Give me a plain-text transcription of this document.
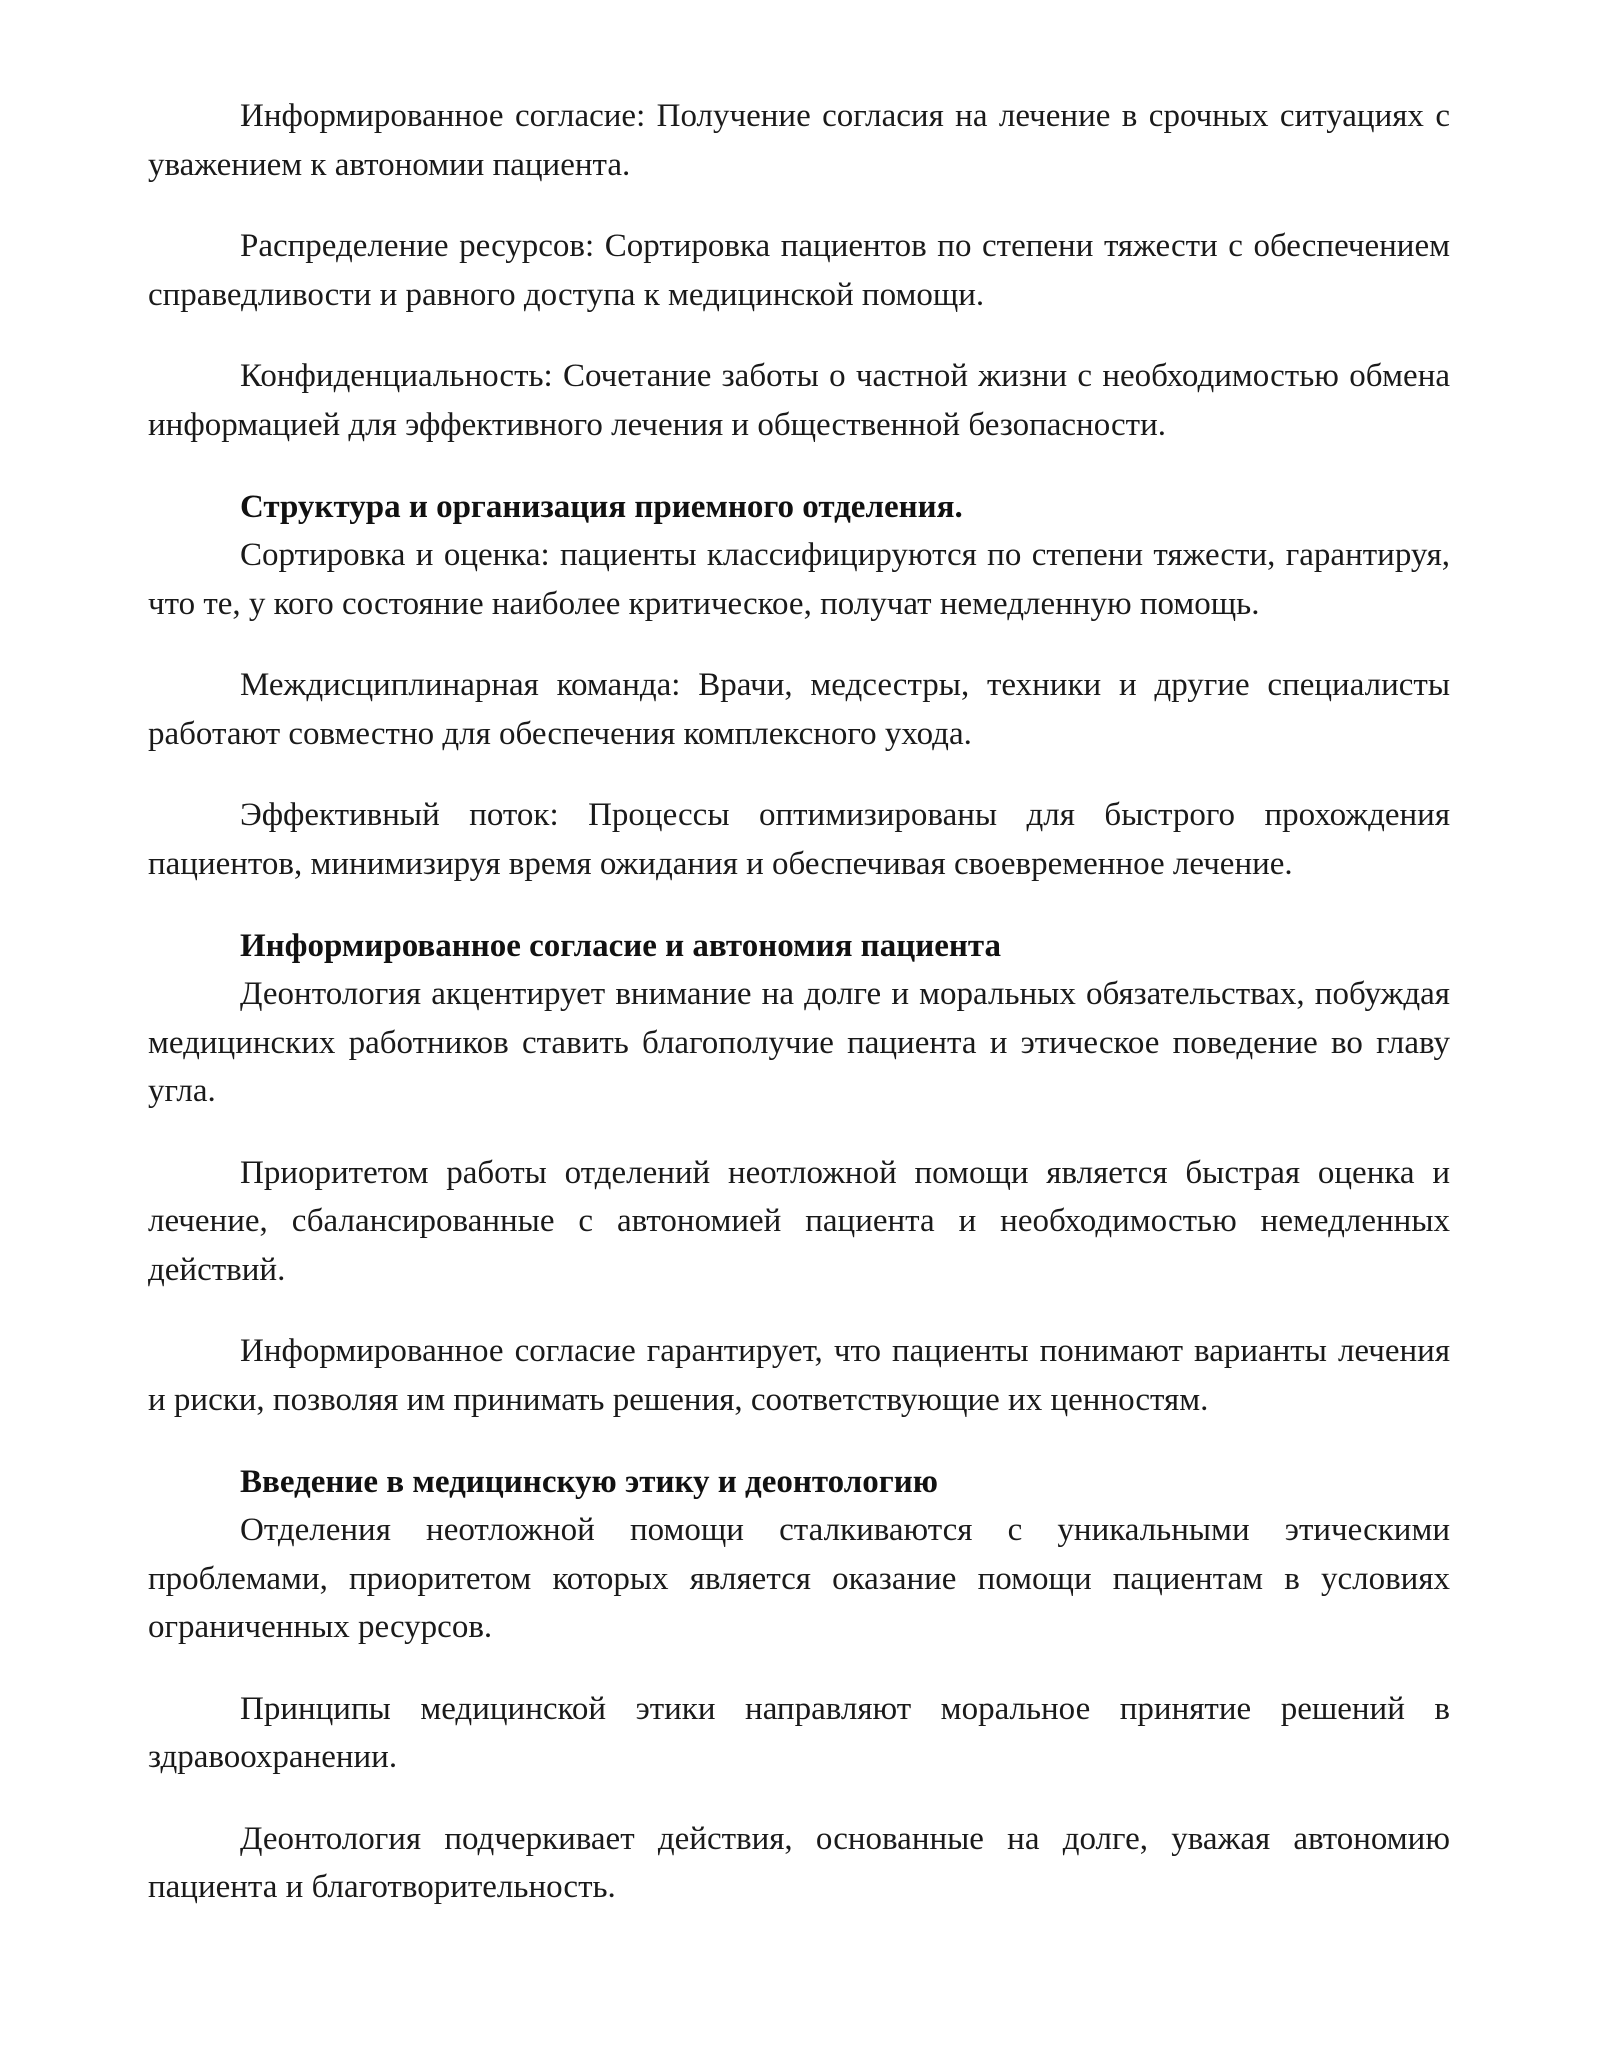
Информированное согласие: Получение согласия на лечение в срочных ситуациях с уважением к автономии пациента.

Распределение ресурсов: Сортировка пациентов по степени тяжести с обеспечением справедливости и равного доступа к медицинской помощи.

Конфиденциальность: Сочетание заботы о частной жизни с необходимостью обмена информацией для эффективного лечения и общественной безопасности.

Структура и организация приемного отделения.

Сортировка и оценка: пациенты классифицируются по степени тяжести, гарантируя, что те, у кого состояние наиболее критическое, получат немедленную помощь.

Междисциплинарная команда: Врачи, медсестры, техники и другие специалисты работают совместно для обеспечения комплексного ухода.

Эффективный поток: Процессы оптимизированы для быстрого прохождения пациентов, минимизируя время ожидания и обеспечивая своевременное лечение.

Информированное согласие и автономия пациента

Деонтология акцентирует внимание на долге и моральных обязательствах, побуждая медицинских работников ставить благополучие пациента и этическое поведение во главу угла.

Приоритетом работы отделений неотложной помощи является быстрая оценка и лечение, сбалансированные с автономией пациента и необходимостью немедленных действий.

Информированное согласие гарантирует, что пациенты понимают варианты лечения и риски, позволяя им принимать решения, соответствующие их ценностям.

Введение в медицинскую этику и деонтологию

Отделения неотложной помощи сталкиваются с уникальными этическими проблемами, приоритетом которых является оказание помощи пациентам в условиях ограниченных ресурсов.

Принципы медицинской этики направляют моральное принятие решений в здравоохранении.

Деонтология подчеркивает действия, основанные на долге, уважая автономию пациента и благотворительность.
